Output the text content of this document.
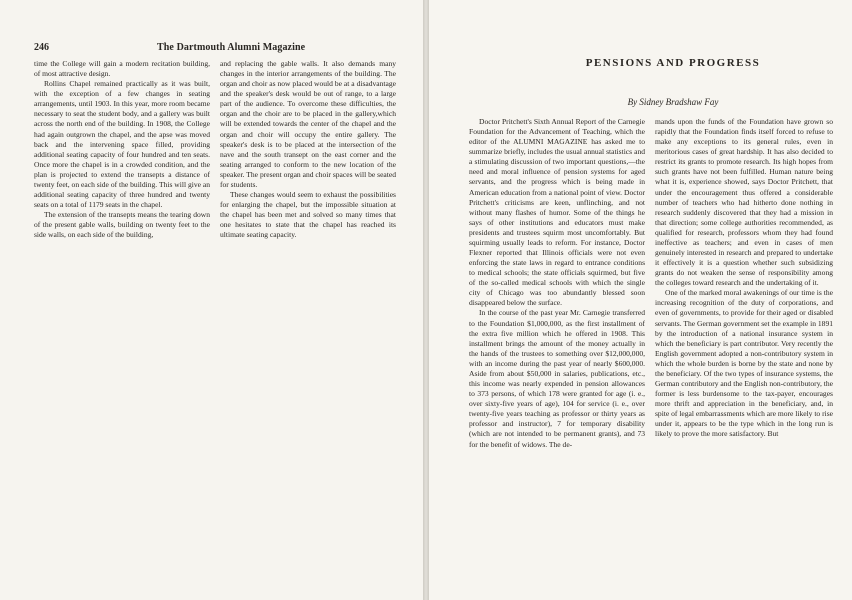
246	The Dartmouth Alumni Magazine

time the College will gain a modern recitation building, of most attractive design.

Rollins Chapel remained practically as it was built, with the exception of a few changes in seating arrangements, until 1903. In this year, more room became necessary to seat the student body, and a gallery was built across the north end of the building. In 1908, the College had again outgrown the chapel, and the apse was moved back and the intervening space filled, providing additional seating capacity of four hundred and ten seats. Once more the chapel is in a crowded condition, and the plan is projected to extend the transepts a distance of twenty feet, on each side of the building. This will give an additional seating capacity of three hundred and twenty seats on a total of 1179 seats in the chapel.

The extension of the transepts means the tearing down of the present gable walls, building on twenty feet to the side walls, on each side of the building,

and replacing the gable walls. It also demands many changes in the interior arrangements of the building. The organ and choir as now placed would be at a disadvantage and the speaker's desk would be out of range, to a large part of the audience. To overcome these difficulties, the organ and the choir are to be placed in the gallery,which will be extended towards the center of the chapel and the organ and choir will occupy the entire gallery. The speaker's desk is to be placed at the intersection of the nave and the south transept on the east corner and the seating arranged to conform to the new location of the speaker. The present organ and choir spaces will be seated for students.

These changes would seem to exhaust the possibilities for enlarging the chapel, but the impossible situation at the chapel has been met and solved so many times that one hesitates to state that the chapel has reached its ultimate seating capacity.

PENSIONS AND PROGRESS
By Sidney Bradshaw Fay

Doctor Pritchett's Sixth Annual Report of the Carnegie Foundation for the Advancement of Teaching, which the editor of the ALUMNI MAGAZINE has asked me to summarize briefly, includes the usual annual statistics and a stimulating discussion of two important questions,—the need and moral influence of pension systems for aged servants, and the progress which is being made in American education from a national point of view. Doctor Pritchett's criticisms are keen, unflinching, and not without many flashes of humor. Some of the things he says of other institutions and educators must make presidents and trustees squirm most uncomfortably. But squirming usually leads to reform. For instance, Doctor Flexner reported that Illinois officials were not even enforcing the state laws in regard to entrance conditions to medical schools; the state officials squirmed, but five of the so-called medical schools with which the single city of Chicago was too abundantly blessed soon disappeared below the surface.

In the course of the past year Mr. Carnegie transferred to the Foundation $1,000,000, as the first installment of the extra five million which he offered in 1908. This installment brings the amount of the money actually in the hands of the trustees to something over $12,000,000, with an income during the past year of nearly $600,000. Aside from about $50,000 in salaries, publications, etc., this income was nearly expended in pension allowances to 373 persons, of which 178 were granted for age (i. e., over sixty-five years of age), 104 for service (i. e., over twenty-five years teaching as professor or thirty years as professor and instructor), 7 for temporary disability (which are not intended to be permanent grants), and 73 for the benefit of widows. The de-

mands upon the funds of the Foundation have grown so rapidly that the Foundation finds itself forced to refuse to make any exceptions to its general rules, even in meritorious cases of great hardship. It has also decided to restrict its grants to promote research. Its high hopes from such grants have not been fulfilled. Human nature being what it is, experience showed, says Doctor Pritchett, that under the encouragement thus offered a considerable number of teachers who had hitherto done nothing in research suddenly discovered that they had a mission in that direction; some college authorities recommended, as qualified for research, professors whom they had found ineffective as teachers; and even in cases of men genuinely interested in research and prepared to undertake it effectively it is a question whether such subsidizing grants do not weaken the sense of responsibility among the colleges toward research and the undertaking of it.

One of the marked moral awakenings of our time is the increasing recognition of the duty of corporations, and even of governments, to provide for their aged or disabled servants. The German government set the example in 1891 by the introduction of a national insurance system in which the beneficiary is part contributor. Very recently the English government adopted a non-contributory system in which the whole burden is borne by the state and none by the beneficiary. Of the two types of insurance systems, the German contributory and the English non-contributory, the former is less burdensome to the tax-payer, encourages more thrift and appreciation in the beneficiary, and, in spite of legal embarrassments which are more likely to rise under it, appears to be the type which in the long run is likely to prove the more satisfactory. But
